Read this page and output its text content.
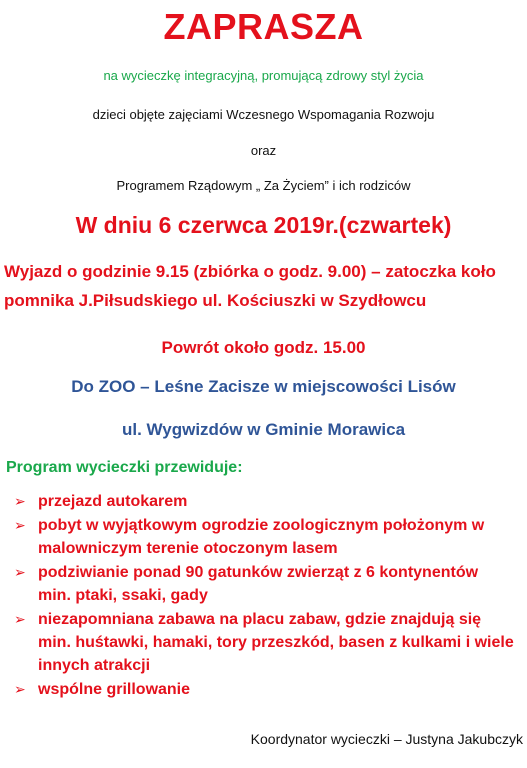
ZAPRASZA
na wycieczkę integracyjną, promującą zdrowy styl życia
dzieci objęte zajęciami Wczesnego Wspomagania Rozwoju
oraz
Programem Rządowym „ Za Życiem” i ich rodziców
W dniu 6 czerwca 2019r.(czwartek)
Wyjazd o godzinie 9.15 (zbiórka o godz. 9.00) – zatoczka koło
pomnika J.Piłsudskiego ul. Kościuszki w Szydłowcu
Powrót około godz. 15.00
Do ZOO – Leśne Zacisze w miejscowości Lisów
ul. Wygwizdów w Gminie Morawica
Program wycieczki przewiduje:
➢ przejazd autokarem
➢ pobyt w wyjątkowym ogrodzie zoologicznym położonym w
malowniczym terenie otoczonym lasem
➢ podziwianie ponad 90 gatunków zwierząt z 6 kontynentów
min. ptaki, ssaki, gady
➢ niezapomniana zabawa na placu zabaw, gdzie znajdują się
min. huśtawki, hamaki, tory przeszkód, basen z kulkami i wiele
innych atrakcji
➢ wspólne grillowanie
Koordynator wycieczki – Justyna Jakubczyk
